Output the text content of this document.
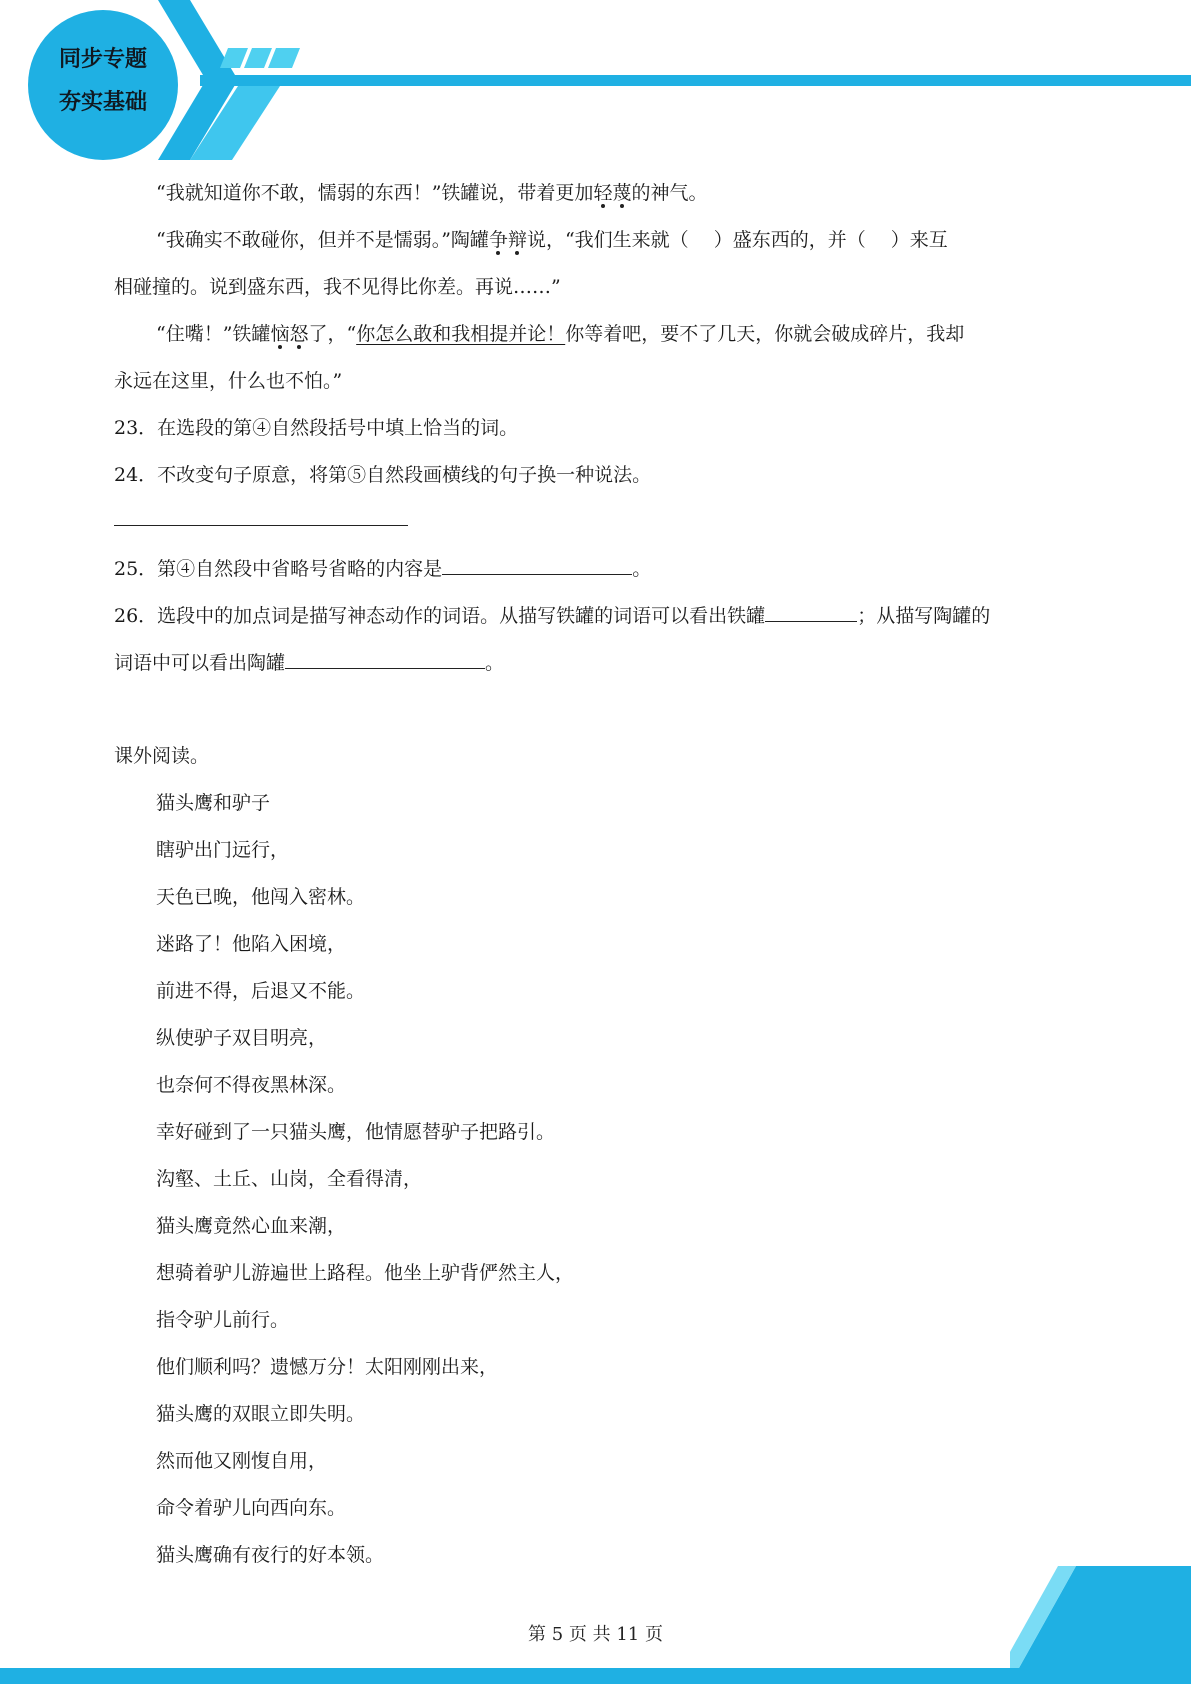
同步专题
夯实基础
“我就知道你不敢，懦弱的东西！”铁罐说，带着更加轻蔑的神气。
“我确实不敢碰你，但并不是懦弱。”陶罐争辩说，“我们生来就（　 ）盛东西的，并（　 ）来互
相碰撞的。说到盛东西，我不见得比你差。再说……”
“住嘴！”铁罐恼怒了，“你怎么敢和我相提并论！你等着吧，要不了几天，你就会破成碎片，我却
永远在这里，什么也不怕。”
23．在选段的第④自然段括号中填上恰当的词。
24．不改变句子原意，将第⑤自然段画横线的句子换一种说法。
25．第④自然段中省略号省略的内容是	。
26．选段中的加点词是描写神态动作的词语。从描写铁罐的词语可以看出铁罐	；从描写陶罐的
词语中可以看出陶罐	。
课外阅读。
猫头鹰和驴子
瞎驴出门远行，
天色已晚，他闯入密林。
迷路了！他陷入困境，
前进不得，后退又不能。
纵使驴子双目明亮，
也奈何不得夜黑林深。
幸好碰到了一只猫头鹰，他情愿替驴子把路引。
沟壑、土丘、山岗，全看得清，
猫头鹰竟然心血来潮，
想骑着驴儿游遍世上路程。他坐上驴背俨然主人，
指令驴儿前行。
他们顺利吗？遗憾万分！太阳刚刚出来，
猫头鹰的双眼立即失明。
然而他又刚愎自用，
命令着驴儿向西向东。
猫头鹰确有夜行的好本领。
第 5 页 共 11 页
